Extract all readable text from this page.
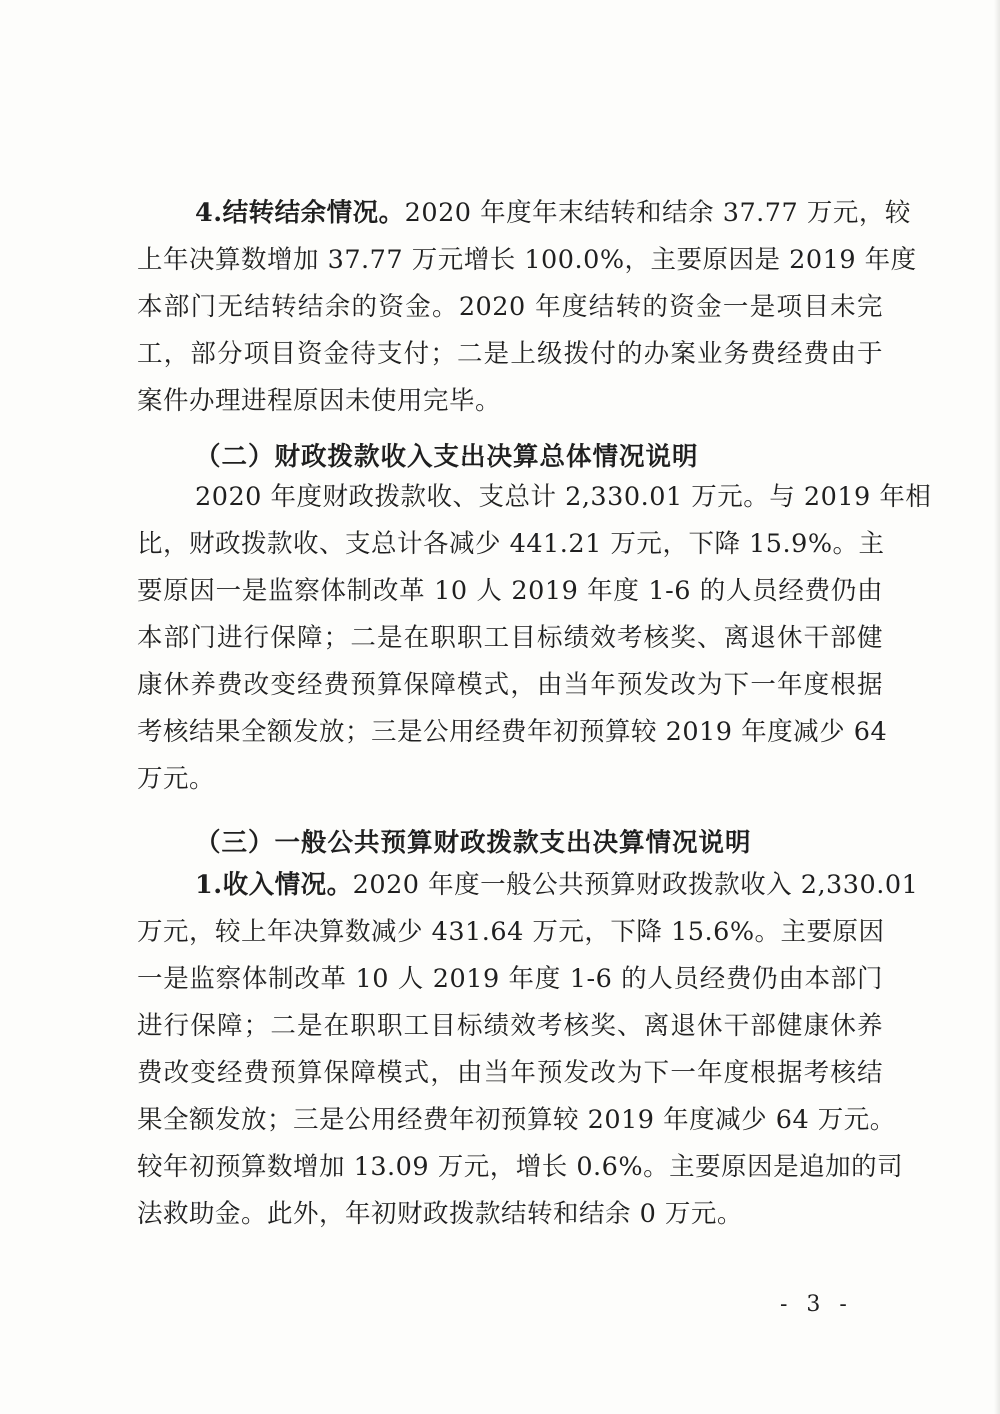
4.结转结余情况。2020 年度年末结转和结余 37.77 万元，较
上年决算数增加 37.77 万元增长 100.0%，主要原因是 2019 年度
本部门无结转结余的资金。2020 年度结转的资金一是项目未完
工，部分项目资金待支付；二是上级拨付的办案业务费经费由于
案件办理进程原因未使用完毕。
（二）财政拨款收入支出决算总体情况说明
2020 年度财政拨款收、支总计 2,330.01 万元。与 2019 年相
比，财政拨款收、支总计各减少 441.21 万元，下降 15.9%。主
要原因一是监察体制改革 10 人 2019 年度 1-6 的人员经费仍由
本部门进行保障；二是在职职工目标绩效考核奖、离退休干部健
康休养费改变经费预算保障模式，由当年预发改为下一年度根据
考核结果全额发放；三是公用经费年初预算较 2019 年度减少 64
万元。
（三）一般公共预算财政拨款支出决算情况说明
1.收入情况。2020 年度一般公共预算财政拨款收入 2,330.01
万元，较上年决算数减少 431.64 万元，下降 15.6%。主要原因
一是监察体制改革 10 人 2019 年度 1-6 的人员经费仍由本部门
进行保障；二是在职职工目标绩效考核奖、离退休干部健康休养
费改变经费预算保障模式，由当年预发改为下一年度根据考核结
果全额发放；三是公用经费年初预算较 2019 年度减少 64 万元。
较年初预算数增加 13.09 万元，增长 0.6%。主要原因是追加的司
法救助金。此外，年初财政拨款结转和结余 0 万元。
- 3 -
